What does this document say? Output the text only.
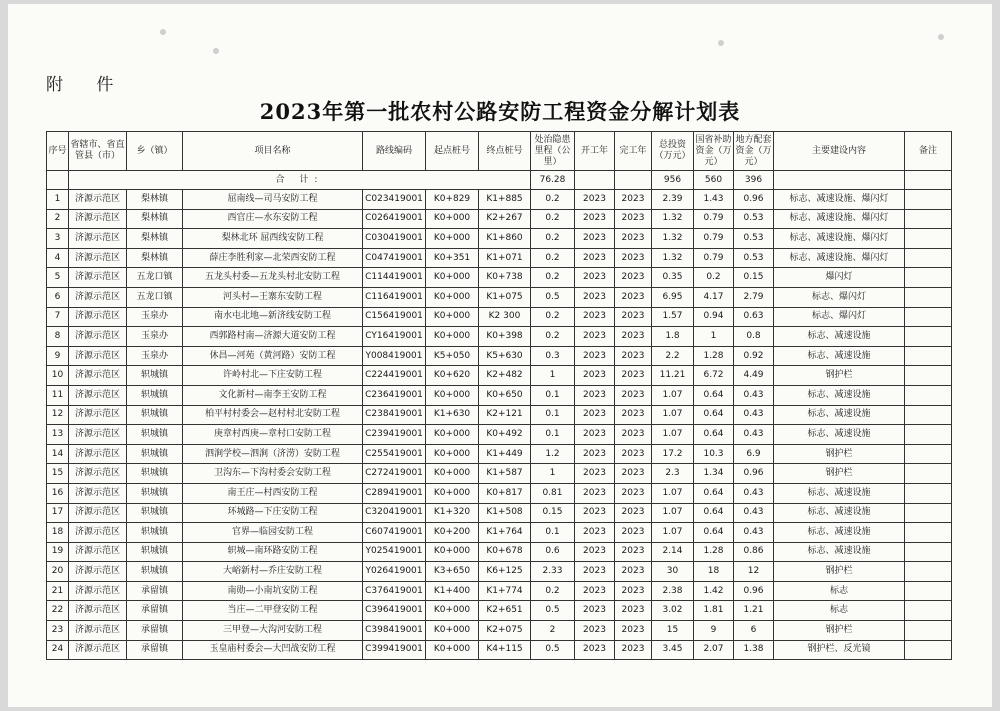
附 件
2023年第一批农村公路安防工程资金分解计划表
序号	省辖市、省直管县（市）	乡（镇）	项目名称	路线编码	起点桩号	终点桩号	处治隐患里程（公里）	开工年	完工年	总投资（万元）	国省补助资金（万元）	地方配套资金（万元）	主要建设内容	备注
	合 计:						76.28			956	560	396		
1	济源示范区	梨林镇	屈南线—司马安防工程	C023419001	K0+829	K1+885	0.2	2023	2023	2.39	1.43	0.96	标志、减速设施、爆闪灯	
2	济源示范区	梨林镇	西官庄—水东安防工程	C026419001	K0+000	K2+267	0.2	2023	2023	1.32	0.79	0.53	标志、减速设施、爆闪灯	
3	济源示范区	梨林镇	梨林北环 屈西线安防工程	C030419001	K0+000	K1+860	0.2	2023	2023	1.32	0.79	0.53	标志、减速设施、爆闪灯	
4	济源示范区	梨林镇	薛庄李胜利家—北荣西安防工程	C047419001	K0+351	K1+071	0.2	2023	2023	1.32	0.79	0.53	标志、减速设施、爆闪灯	
5	济源示范区	五龙口镇	五龙头村委—五龙头村北安防工程	C114419001	K0+000	K0+738	0.2	2023	2023	0.35	0.2	0.15	爆闪灯	
6	济源示范区	五龙口镇	河头村—王寨东安防工程	C116419001	K0+000	K1+075	0.5	2023	2023	6.95	4.17	2.79	标志、爆闪灯	
7	济源示范区	玉泉办	南水屯北地—新济线安防工程	C156419001	K0+000	K2 300	0.2	2023	2023	1.57	0.94	0.63	标志、爆闪灯	
8	济源示范区	玉泉办	西郭路村南—济源大道安防工程	CY16419001	K0+000	K0+398	0.2	2023	2023	1.8	1	0.8	标志、减速设施	
9	济源示范区	玉泉办	休昌—河苑（黄河路）安防工程	Y008419001	K5+050	K5+630	0.3	2023	2023	2.2	1.28	0.92	标志、减速设施	
10	济源示范区	轵城镇	许岭村北—下庄安防工程	C224419001	K0+620	K2+482	1	2023	2023	11.21	6.72	4.49	钢护栏	
11	济源示范区	轵城镇	文化新村—南李王安防工程	C236419001	K0+000	K0+650	0.1	2023	2023	1.07	0.64	0.43	标志、减速设施	
12	济源示范区	轵城镇	柏平村村委会—赵村村北安防工程	C238419001	K1+630	K2+121	0.1	2023	2023	1.07	0.64	0.43	标志、减速设施	
13	济源示范区	轵城镇	庚章村西庚—章村口安防工程	C239419001	K0+000	K0+492	0.1	2023	2023	1.07	0.64	0.43	标志、减速设施	
14	济源示范区	轵城镇	泗涧学校—泗涧（济涝）安防工程	C255419001	K0+000	K1+449	1.2	2023	2023	17.2	10.3	6.9	钢护栏	
15	济源示范区	轵城镇	卫沟东—下沟村委会安防工程	C272419001	K0+000	K1+587	1	2023	2023	2.3	1.34	0.96	钢护栏	
16	济源示范区	轵城镇	南王庄—村西安防工程	C289419001	K0+000	K0+817	0.81	2023	2023	1.07	0.64	0.43	标志、减速设施	
17	济源示范区	轵城镇	环城路—下庄安防工程	C320419001	K1+320	K1+508	0.15	2023	2023	1.07	0.64	0.43	标志、减速设施	
18	济源示范区	轵城镇	官界—临园安防工程	C607419001	K0+200	K1+764	0.1	2023	2023	1.07	0.64	0.43	标志、减速设施	
19	济源示范区	轵城镇	轵城—南环路安防工程	Y025419001	K0+000	K0+678	0.6	2023	2023	2.14	1.28	0.86	标志、减速设施	
20	济源示范区	轵城镇	大峪新村—乔庄安防工程	Y026419001	K3+650	K6+125	2.33	2023	2023	30	18	12	钢护栏	
21	济源示范区	承留镇	南勋—小南坑安防工程	C376419001	K1+400	K1+774	0.2	2023	2023	2.38	1.42	0.96	标志	
22	济源示范区	承留镇	当庄—二甲登安防工程	C396419001	K0+000	K2+651	0.5	2023	2023	3.02	1.81	1.21	标志	
23	济源示范区	承留镇	三甲登—大沟河安防工程	C398419001	K0+000	K2+075	2	2023	2023	15	9	6	钢护栏	
24	济源示范区	承留镇	玉皇庙村委会—大凹战安防工程	C399419001	K0+000	K4+115	0.5	2023	2023	3.45	2.07	1.38	钢护栏、反光镜	
